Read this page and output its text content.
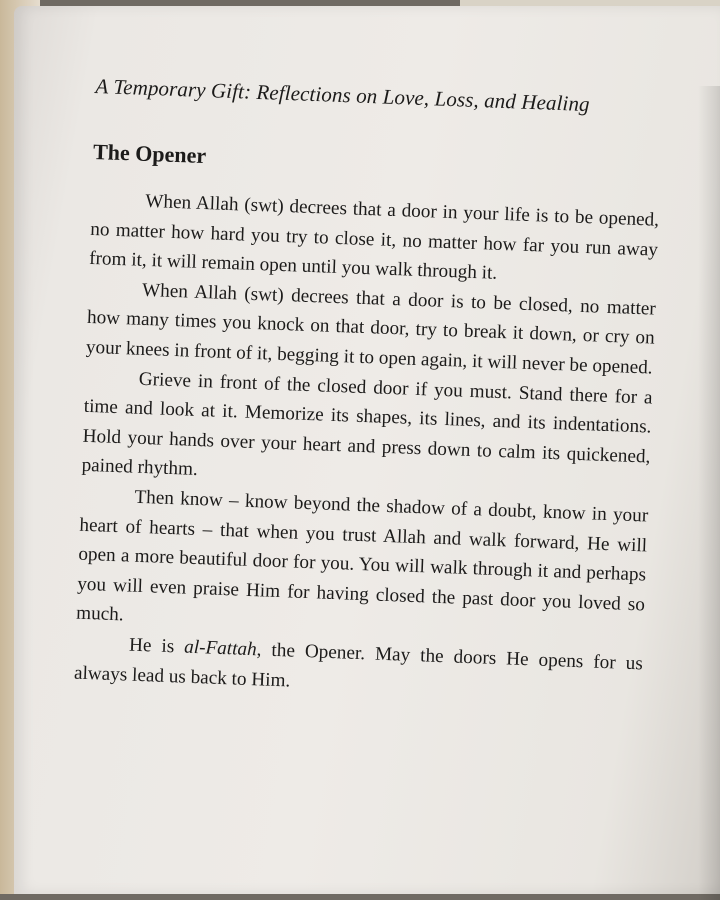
A Temporary Gift: Reflections on Love, Loss, and Healing
The Opener

When Allah (swt) decrees that a door in your life is to be opened, no matter how hard you try to close it, no matter how far you run away from it, it will remain open until you walk through it.

When Allah (swt) decrees that a door is to be closed, no matter how many times you knock on that door, try to break it down, or cry on your knees in front of it, begging it to open again, it will never be opened.

Grieve in front of the closed door if you must. Stand there for a time and look at it. Memorize its shapes, its lines, and its indentations. Hold your hands over your heart and press down to calm its quickened, pained rhythm.

Then know – know beyond the shadow of a doubt, know in your heart of hearts – that when you trust Allah and walk forward, He will open a more beautiful door for you. You will walk through it and perhaps you will even praise Him for having closed the past door you loved so much.

He is al-Fattah, the Opener. May the doors He opens for us always lead us back to Him.
